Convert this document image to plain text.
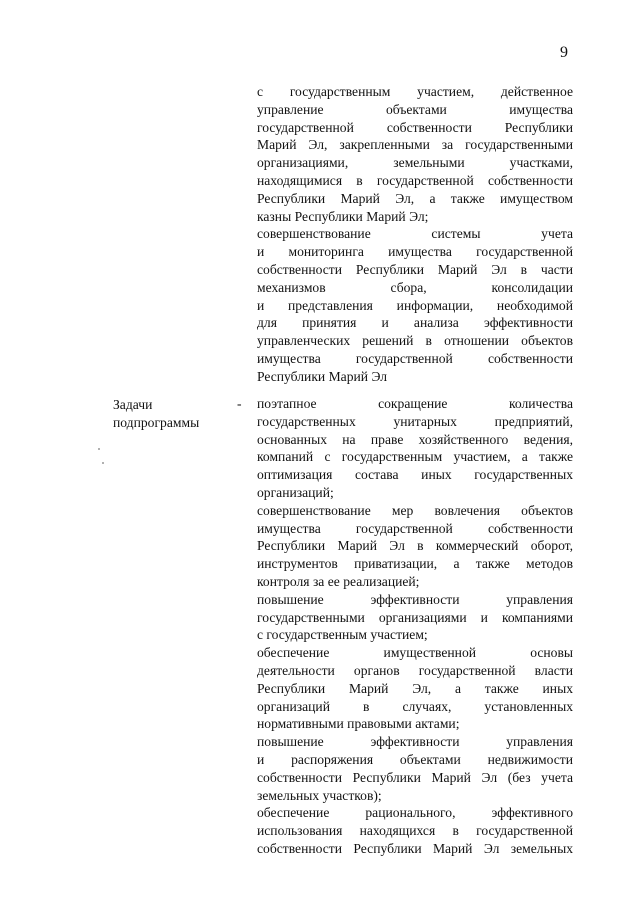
9
с государственным участием, действенное
управление объектами имущества
государственной собственности Республики
Марий Эл, закрепленными за государственными
организациями, земельными участками,
находящимися в государственной собственности
Республики Марий Эл, а также имуществом
казны Республики Марий Эл;
совершенствование системы учета
и мониторинга имущества государственной
собственности Республики Марий Эл в части
механизмов сбора, консолидации
и представления информации, необходимой
для принятия и анализа эффективности
управленческих решений в отношении объектов
имущества государственной собственности
Республики Марий Эл
Задачи
подпрограммы
- поэтапное сокращение количества
государственных унитарных предприятий,
основанных на праве хозяйственного ведения,
компаний с государственным участием, а также
оптимизация состава иных государственных
организаций;
совершенствование мер вовлечения объектов
имущества государственной собственности
Республики Марий Эл в коммерческий оборот,
инструментов приватизации, а также методов
контроля за ее реализацией;
повышение эффективности управления
государственными организациями и компаниями
с государственным участием;
обеспечение имущественной основы
деятельности органов государственной власти
Республики Марий Эл, а также иных
организаций в случаях, установленных
нормативными правовыми актами;
повышение эффективности управления
и распоряжения объектами недвижимости
собственности Республики Марий Эл (без учета
земельных участков);
обеспечение рационального, эффективного
использования находящихся в государственной
собственности Республики Марий Эл земельных
